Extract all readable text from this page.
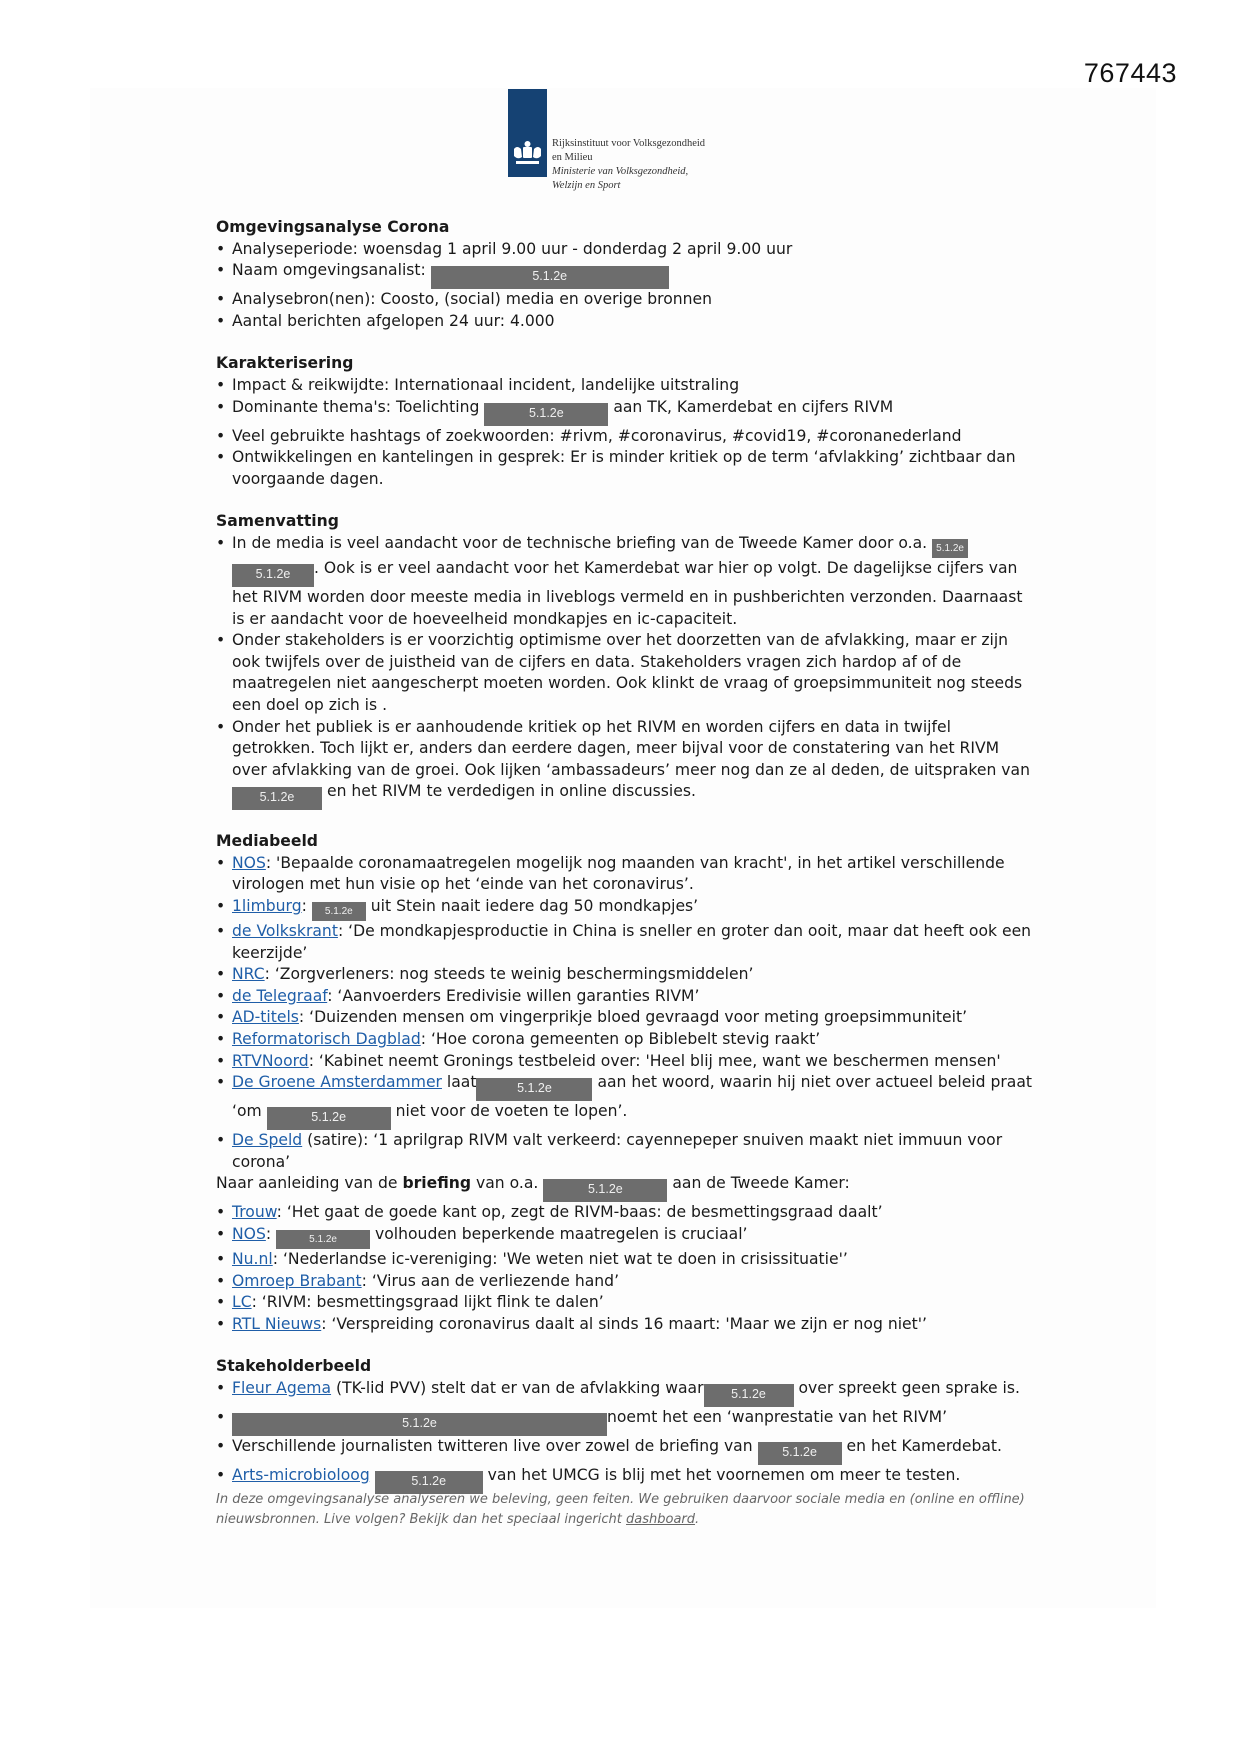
767443
Rijksinstituut voor Volksgezondheid
en Milieu
Ministerie van Volksgezondheid,
Welzijn en Sport
Omgevingsanalyse Corona
• Analyseperiode: woensdag 1 april 9.00 uur - donderdag 2 april 9.00 uur
• Naam omgevingsanalist:	5.1.2e
• Analysebron(nen): Coosto, (social) media en overige bronnen
• Aantal berichten afgelopen 24 uur: 4.000
Karakterisering
• Impact & reikwijdte: Internationaal incident, landelijke uitstraling
• Dominante thema's: Toelichting	5.1.2e	aan TK, Kamerdebat en cijfers RIVM
• Veel gebruikte hashtags of zoekwoorden: #rivm, #coronavirus, #covid19, #coronanederland
• Ontwikkelingen en kantelingen in gesprek: Er is minder kritiek op de term ‘afvlakking’ zichtbaar dan voorgaande dagen.
Samenvatting
• In de media is veel aandacht voor de technische briefing van de Tweede Kamer door o.a. 5.1.2e 5.1.2e . Ook is er veel aandacht voor het Kamerdebat war hier op volgt. De dagelijkse cijfers van het RIVM worden door meeste media in liveblogs vermeld en in pushberichten verzonden. Daarnaast is er aandacht voor de hoeveelheid mondkapjes en ic-capaciteit.
• Onder stakeholders is er voorzichtig optimisme over het doorzetten van de afvlakking, maar er zijn ook twijfels over de juistheid van de cijfers en data. Stakeholders vragen zich hardop af of de maatregelen niet aangescherpt moeten worden. Ook klinkt de vraag of groepsimmuniteit nog steeds een doel op zich is .
• Onder het publiek is er aanhoudende kritiek op het RIVM en worden cijfers en data in twijfel getrokken. Toch lijkt er, anders dan eerdere dagen, meer bijval voor de constatering van het RIVM over afvlakking van de groei. Ook lijken ‘ambassadeurs’ meer nog dan ze al deden, de uitspraken van 5.1.2e en het RIVM te verdedigen in online discussies.
Mediabeeld
• NOS: 'Bepaalde coronamaatregelen mogelijk nog maanden van kracht', in het artikel verschillende virologen met hun visie op het ‘einde van het coronavirus’.
• 1limburg: 5.1.2e uit Stein naait iedere dag 50 mondkapjes’
• de Volkskrant: ‘De mondkapjesproductie in China is sneller en groter dan ooit, maar dat heeft ook een keerzijde’
• NRC: ‘Zorgverleners: nog steeds te weinig beschermingsmiddelen’
• de Telegraaf: ‘Aanvoerders Eredivisie willen garanties RIVM’
• AD-titels: ‘Duizenden mensen om vingerprikje bloed gevraagd voor meting groepsimmuniteit’
• Reformatorisch Dagblad: ‘Hoe corona gemeenten op Biblebelt stevig raakt’
• RTVNoord: ‘Kabinet neemt Gronings testbeleid over: 'Heel blij mee, want we beschermen mensen'
• De Groene Amsterdammer laat	5.1.2e	aan het woord, waarin hij niet over actueel beleid praat ‘om	5.1.2e	niet voor de voeten te lopen’.
• De Speld (satire): ‘1 aprilgrap RIVM valt verkeerd: cayennepeper snuiven maakt niet immuun voor corona’
Naar aanleiding van de briefing van o.a.	5.1.2e	aan de Tweede Kamer:
• Trouw: ‘Het gaat de goede kant op, zegt de RIVM-baas: de besmettingsgraad daalt’
• NOS:	5.1.2e volhouden beperkende maatregelen is cruciaal’
• Nu.nl: ‘Nederlandse ic-vereniging: 'We weten niet wat te doen in crisissituatie'’
• Omroep Brabant: ‘Virus aan de verliezende hand’
• LC: ‘RIVM: besmettingsgraad lijkt flink te dalen’
• RTL Nieuws: ‘Verspreiding coronavirus daalt al sinds 16 maart: 'Maar we zijn er nog niet'’
Stakeholderbeeld
• Fleur Agema (TK-lid PVV) stelt dat er van de afvlakking waar 5.1.2e over spreekt geen sprake is.
• 5.1.2e	noemt het een ‘wanprestatie van het RIVM’
• Verschillende journalisten twitteren live over zowel de briefing van 5.1.2e en het Kamerdebat.
• Arts-microbioloog	5.1.2e	van het UMCG is blij met het voornemen om meer te testen.
In deze omgevingsanalyse analyseren we beleving, geen feiten. We gebruiken daarvoor sociale media en (online en offline) nieuwsbronnen. Live volgen? Bekijk dan het speciaal ingericht dashboard.
